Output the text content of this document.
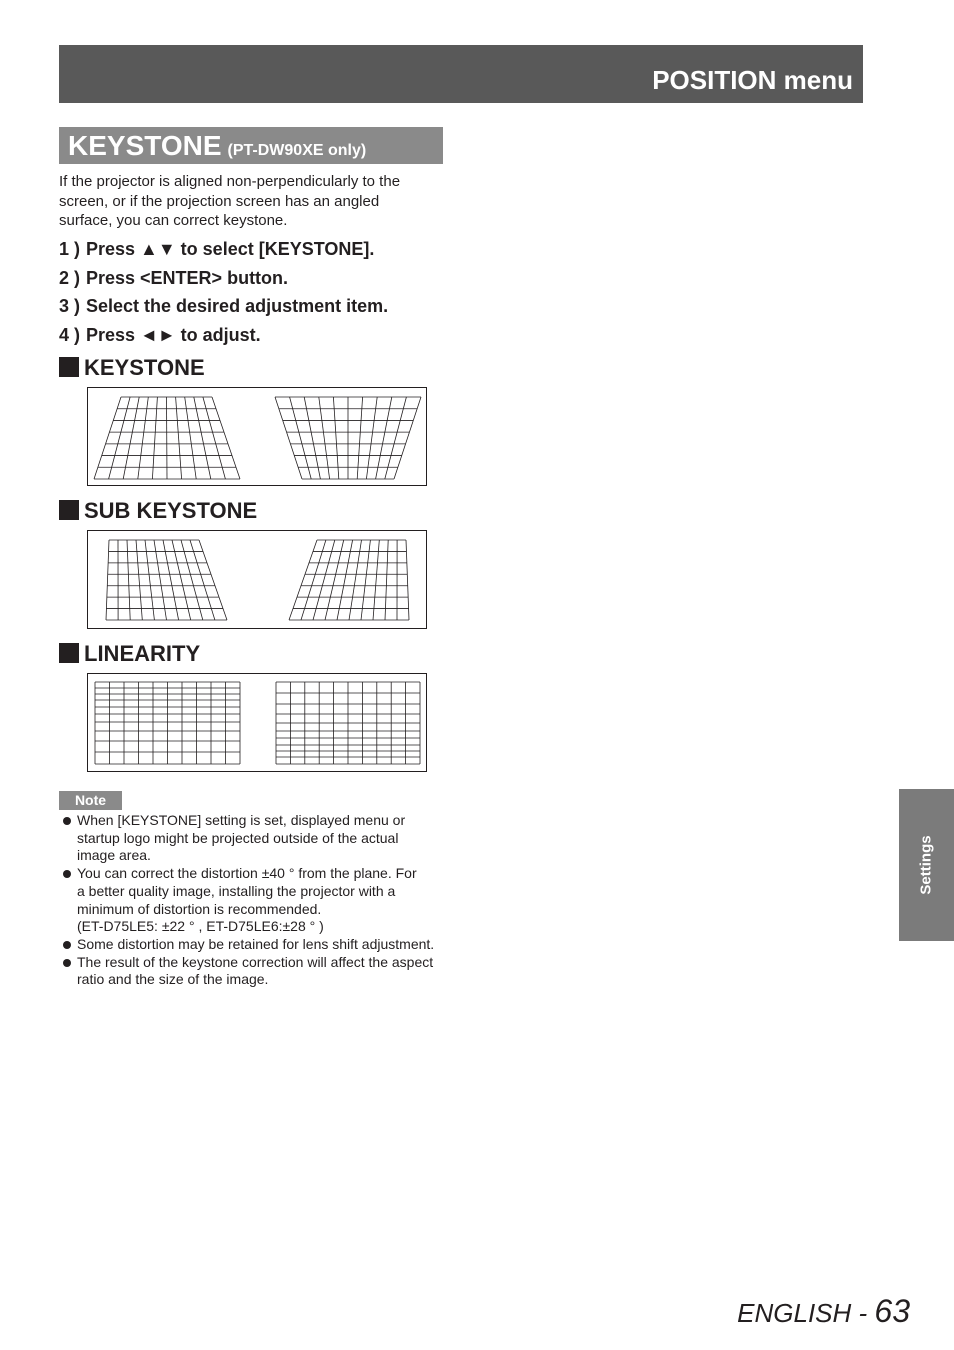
POSITION menu
KEYSTONE (PT-DW90XE only)
If the projector is aligned non-perpendicularly to the
screen, or if the projection screen has an angled
surface, you can correct keystone.
1 ) Press ▲▼ to select [KEYSTONE].
2 ) Press <ENTER> button.
3 ) Select the desired adjustment item.
4 ) Press ◄► to adjust.
KEYSTONE
SUB KEYSTONE
LINEARITY
Note
When [KEYSTONE] setting is set, displayed menu or
startup logo might be projected outside of the actual
image area.
You can correct the distortion ±40 ° from the plane. For
a better quality image, installing the projector with a
minimum of distortion is recommended.
(ET-D75LE5: ±22 ° , ET-D75LE6:±28 ° )
Some distortion may be retained for lens shift adjustment.
The result of the keystone correction will affect the aspect
ratio and the size of the image.
Settings
ENGLISH - 63
